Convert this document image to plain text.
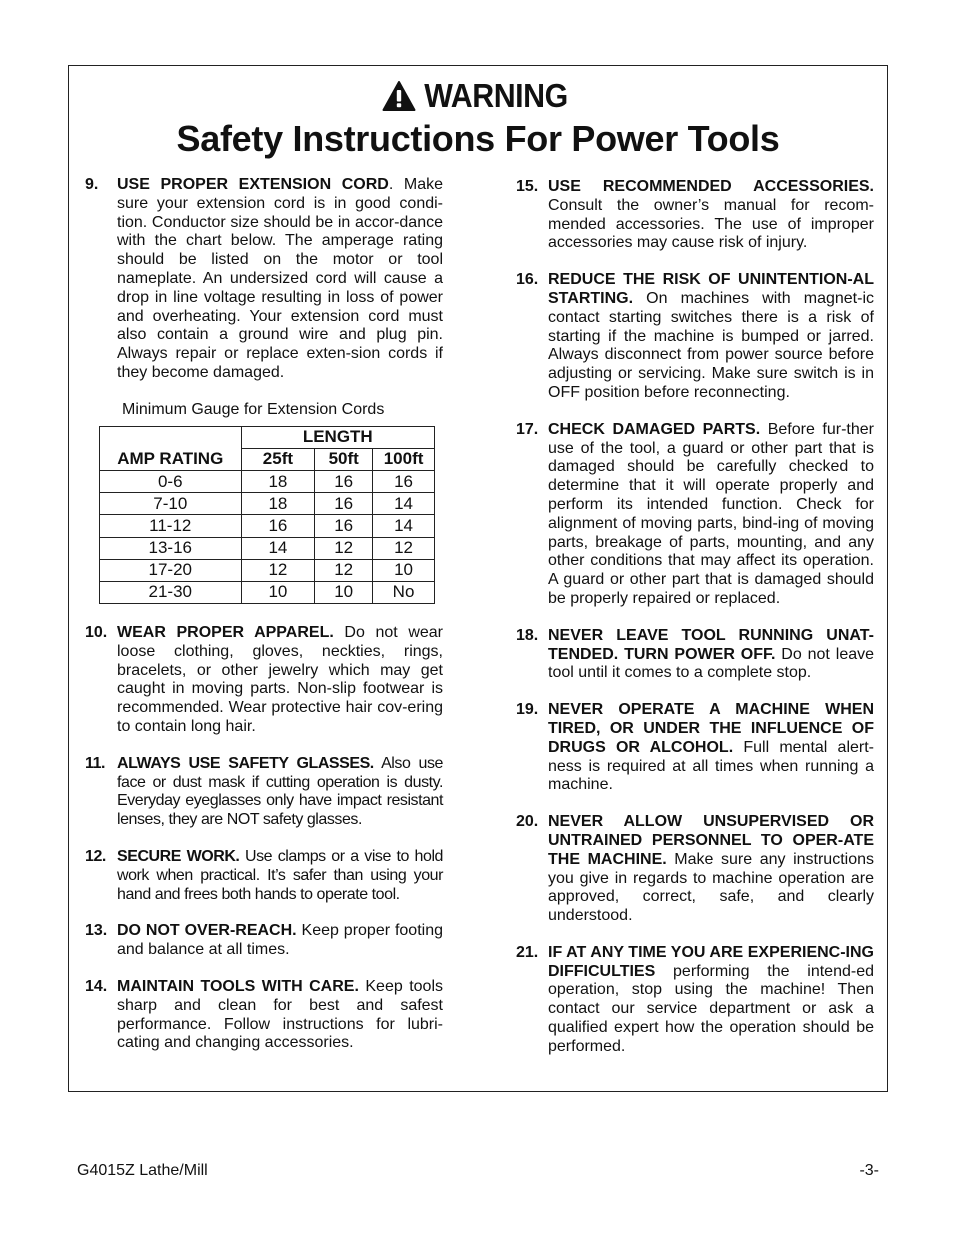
WARNING
Safety Instructions For Power Tools
9. USE PROPER EXTENSION CORD. Make sure your extension cord is in good condi-tion. Conductor size should be in accor-dance with the chart below. The amperage rating should be listed on the motor or tool nameplate. An undersized cord will cause a drop in line voltage resulting in loss of power and overheating. Your extension cord must also contain a ground wire and plug pin. Always repair or replace exten-sion cords if they become damaged.
Minimum Gauge for Extension Cords
	LENGTH		
AMP RATING	25ft	50ft	100ft
0-6	18	16	16
7-10	18	16	14
11-12	16	16	14
13-16	14	12	12
17-20	12	12	10
21-30	10	10	No
10. WEAR PROPER APPAREL. Do not wear loose clothing, gloves, neckties, rings, bracelets, or other jewelry which may get caught in moving parts. Non-slip footwear is recommended. Wear protective hair cov-ering to contain long hair.
11. ALWAYS USE SAFETY GLASSES. Also use face or dust mask if cutting operation is dusty. Everyday eyeglasses only have impact resistant lenses, they are NOT safety glasses.
12. SECURE WORK. Use clamps or a vise to hold work when practical. It’s safer than using your hand and frees both hands to operate tool.
13. DO NOT OVER-REACH. Keep proper footing and balance at all times.
14. MAINTAIN TOOLS WITH CARE. Keep tools sharp and clean for best and safest performance. Follow instructions for lubri-cating and changing accessories.
15. USE RECOMMENDED ACCESSORIES. Consult the owner’s manual for recom-mended accessories. The use of improper accessories may cause risk of injury.
16. REDUCE THE RISK OF UNINTENTION-AL STARTING. On machines with magnet-ic contact starting switches there is a risk of starting if the machine is bumped or jarred. Always disconnect from power source before adjusting or servicing. Make sure switch is in OFF position before reconnecting.
17. CHECK DAMAGED PARTS. Before fur-ther use of the tool, a guard or other part that is damaged should be carefully checked to determine that it will operate properly and perform its intended function. Check for alignment of moving parts, bind-ing of moving parts, breakage of parts, mounting, and any other conditions that may affect its operation. A guard or other part that is damaged should be properly repaired or replaced.
18. NEVER LEAVE TOOL RUNNING UNAT-TENDED. TURN POWER OFF. Do not leave tool until it comes to a complete stop.
19. NEVER OPERATE A MACHINE WHEN TIRED, OR UNDER THE INFLUENCE OF DRUGS OR ALCOHOL. Full mental alert-ness is required at all times when running a machine.
20. NEVER ALLOW UNSUPERVISED OR UNTRAINED PERSONNEL TO OPER-ATE THE MACHINE. Make sure any instructions you give in regards to machine operation are approved, correct, safe, and clearly understood.
21. IF AT ANY TIME YOU ARE EXPERIENC-ING DIFFICULTIES performing the intend-ed operation, stop using the machine! Then contact our service department or ask a qualified expert how the operation should be performed.
G4015Z Lathe/Mill	-3-
